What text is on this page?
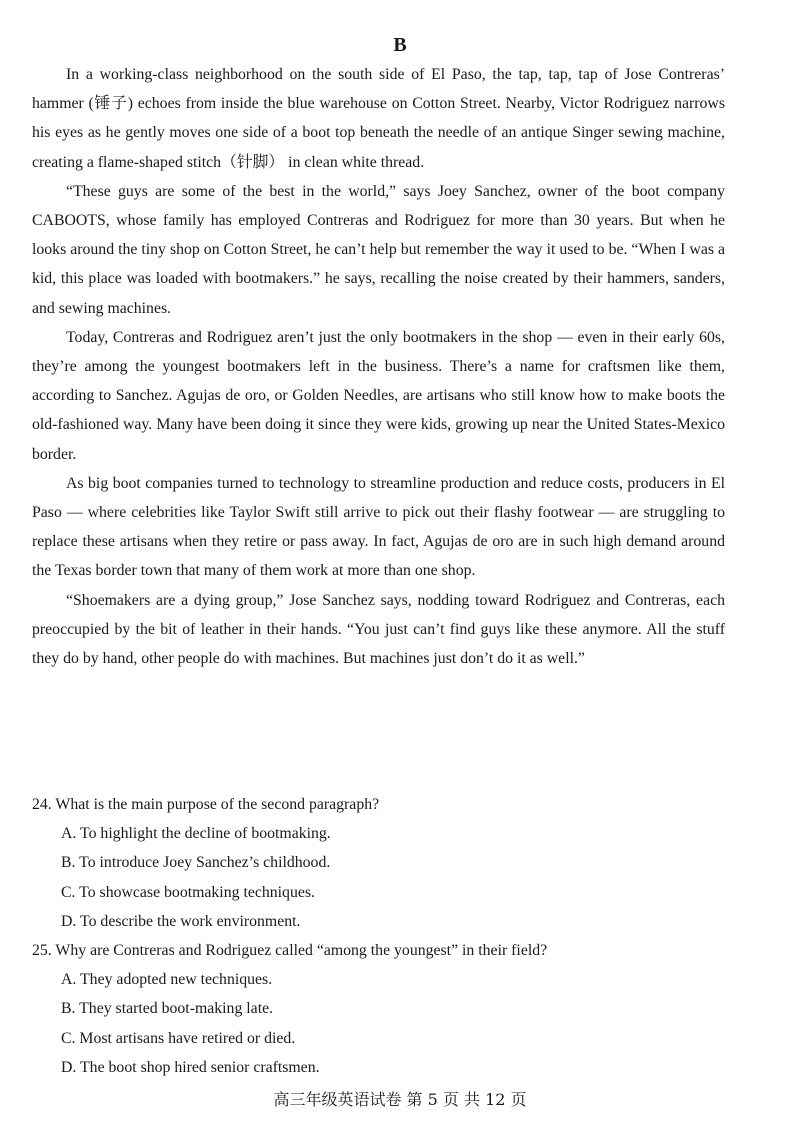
B

In a working-class neighborhood on the south side of El Paso, the tap, tap, tap of Jose Contreras’ hammer (锤子) echoes from inside the blue warehouse on Cotton Street. Nearby, Victor Rodriguez narrows his eyes as he gently moves one side of a boot top beneath the needle of an antique Singer sewing machine, creating a flame-shaped stitch（针脚） in clean white thread.

“These guys are some of the best in the world,” says Joey Sanchez, owner of the boot company CABOOTS, whose family has employed Contreras and Rodriguez for more than 30 years. But when he looks around the tiny shop on Cotton Street, he can’t help but remember the way it used to be. “When I was a kid, this place was loaded with bootmakers.” he says, recalling the noise created by their hammers, sanders, and sewing machines.

Today, Contreras and Rodriguez aren’t just the only bootmakers in the shop — even in their early 60s, they’re among the youngest bootmakers left in the business. There’s a name for craftsmen like them, according to Sanchez. Agujas de oro, or Golden Needles, are artisans who still know how to make boots the old-fashioned way. Many have been doing it since they were kids, growing up near the United States-Mexico border.

As big boot companies turned to technology to streamline production and reduce costs, producers in El Paso — where celebrities like Taylor Swift still arrive to pick out their flashy footwear — are struggling to replace these artisans when they retire or pass away. In fact, Agujas de oro are in such high demand around the Texas border town that many of them work at more than one shop.

“Shoemakers are a dying group,” Jose Sanchez says, nodding toward Rodriguez and Contreras, each preoccupied by the bit of leather in their hands. “You just can’t find guys like these anymore. All the stuff they do by hand, other people do with machines. But machines just don’t do it as well.”

24. What is the main purpose of the second paragraph?

A. To highlight the decline of bootmaking.
B. To introduce Joey Sanchez’s childhood.
C. To showcase bootmaking techniques.
D. To describe the work environment.

25. Why are Contreras and Rodriguez called “among the youngest” in their field?

A. They adopted new techniques.
B. They started boot-making late.
C. Most artisans have retired or died.
D. The boot shop hired senior craftsmen.
高三年级英语试卷 第 5 页 共 12 页
